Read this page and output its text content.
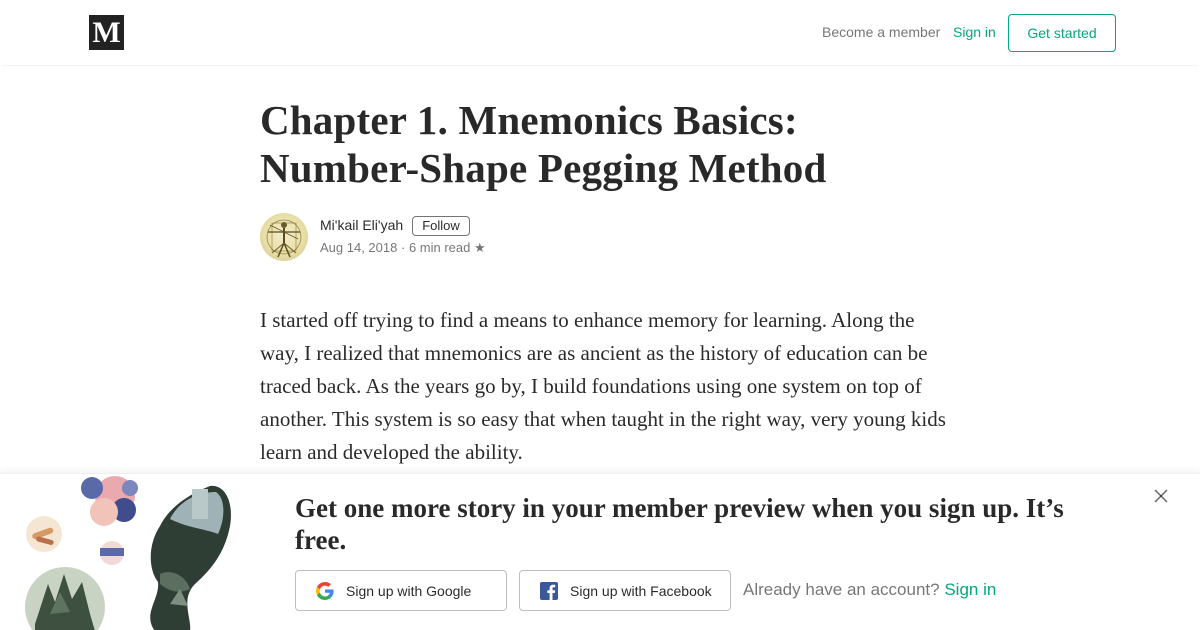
M	Become a member Sign in	Get started
Chapter 1. Mnemonics Basics: Number-Shape Pegging Method
Mi'kail Eli'yah	Follow
Aug 14, 2018 · 6 min read ★

I started off trying to find a means to enhance memory for learning. Along the way, I realized that mnemonics are as ancient as the history of education can be traced back. As the years go by, I build foundations using one system on top of another. This system is so easy that when taught in the right way, very young kids learn and developed the ability.

Get one more story in your member preview when you sign up. It’s free.
Sign up with Google	Sign up with Facebook Already have an account? Sign in
